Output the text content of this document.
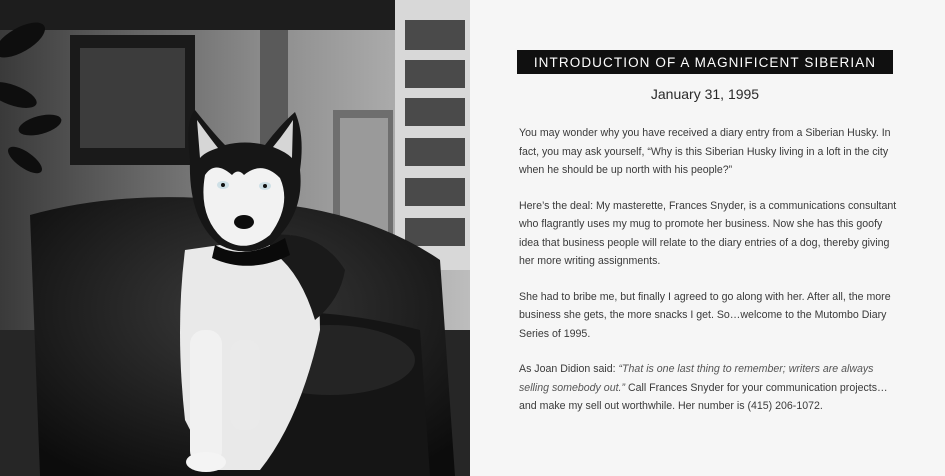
INTRODUCTION OF A MAGNIFICENT SIBERIAN
January 31, 1995

You may wonder why you have received a diary entry from a Siberian Husky. In fact, you may ask yourself, “Why is this Siberian Husky living in a loft in the city when he should be up north with his people?”

Here’s the deal: My masterette, Frances Snyder, is a communications consultant who flagrantly uses my mug to promote her business. Now she has this goofy idea that business people will relate to the diary entries of a dog, thereby giving her more writing assignments.

She had to bribe me, but finally I agreed to go along with her. After all, the more business she gets, the more snacks I get. So…welcome to the Mutombo Diary Series of 1995.

As Joan Didion said: “That is one last thing to remember; writers are always selling somebody out.” Call Frances Snyder for your communication projects… and make my sell out worthwhile. Her number is (415) 206-1072.
